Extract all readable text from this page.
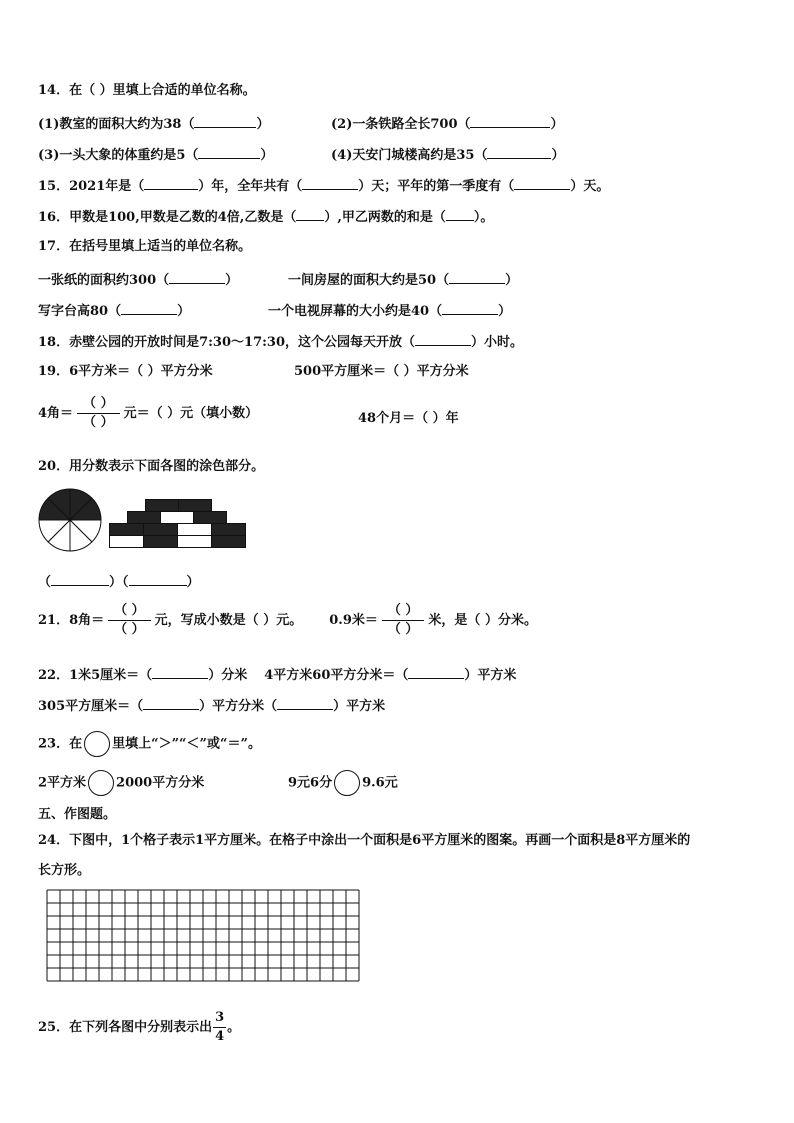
14．在（ ）里填上合适的单位名称。
(1)教室的面积大约为38（	）	(2)一条铁路全长700（	）
(3)一头大象的体重约是5（	）	(4)天安门城楼高约是35（	）
15．2021年是（	）年，全年共有（	）天；平年的第一季度有（	）天。
16．甲数是100,甲数是乙数的4倍,乙数是（ ）,甲乙两数的和是（ ）。
17．在括号里填上适当的单位名称。
一张纸的面积约300（	）	一间房屋的面积大约是50（	）
写字台高80（	）	一个电视屏幕的大小约是40（	）
18．赤壁公园的开放时间是7:30～17:30，这个公园每天开放（	）小时。
19．6平方米＝（ ）平方分米	500平方厘米＝（ ）平方分米
4角＝ $\frac{( )}{( )}$ 元＝（ ）元（填小数）	48个月＝（ ）年
20．用分数表示下面各图的涂色部分。
（	）（	）
21．8角＝ $\frac{( )}{( )}$ 元，写成小数是（ ）元。 0.9米＝ $\frac{( )}{( )}$ 米，是（ ）分米。
22．1米5厘米＝（	）分米 4平方米60平方分米＝（	）平方米
305平方厘米＝（	）平方分米（	）平方米
23．在 里填上“＞”“＜”或“＝”。
2平方米 2000平方分米	9元6分 9.6元
五、作图题。
24．下图中，1个格子表示1平方厘米。在格子中涂出一个面积是6平方厘米的图案。再画一个面积是8平方厘米的
长方形。
25．在下列各图中分别表示出 $\frac{3}{4}$ 。
